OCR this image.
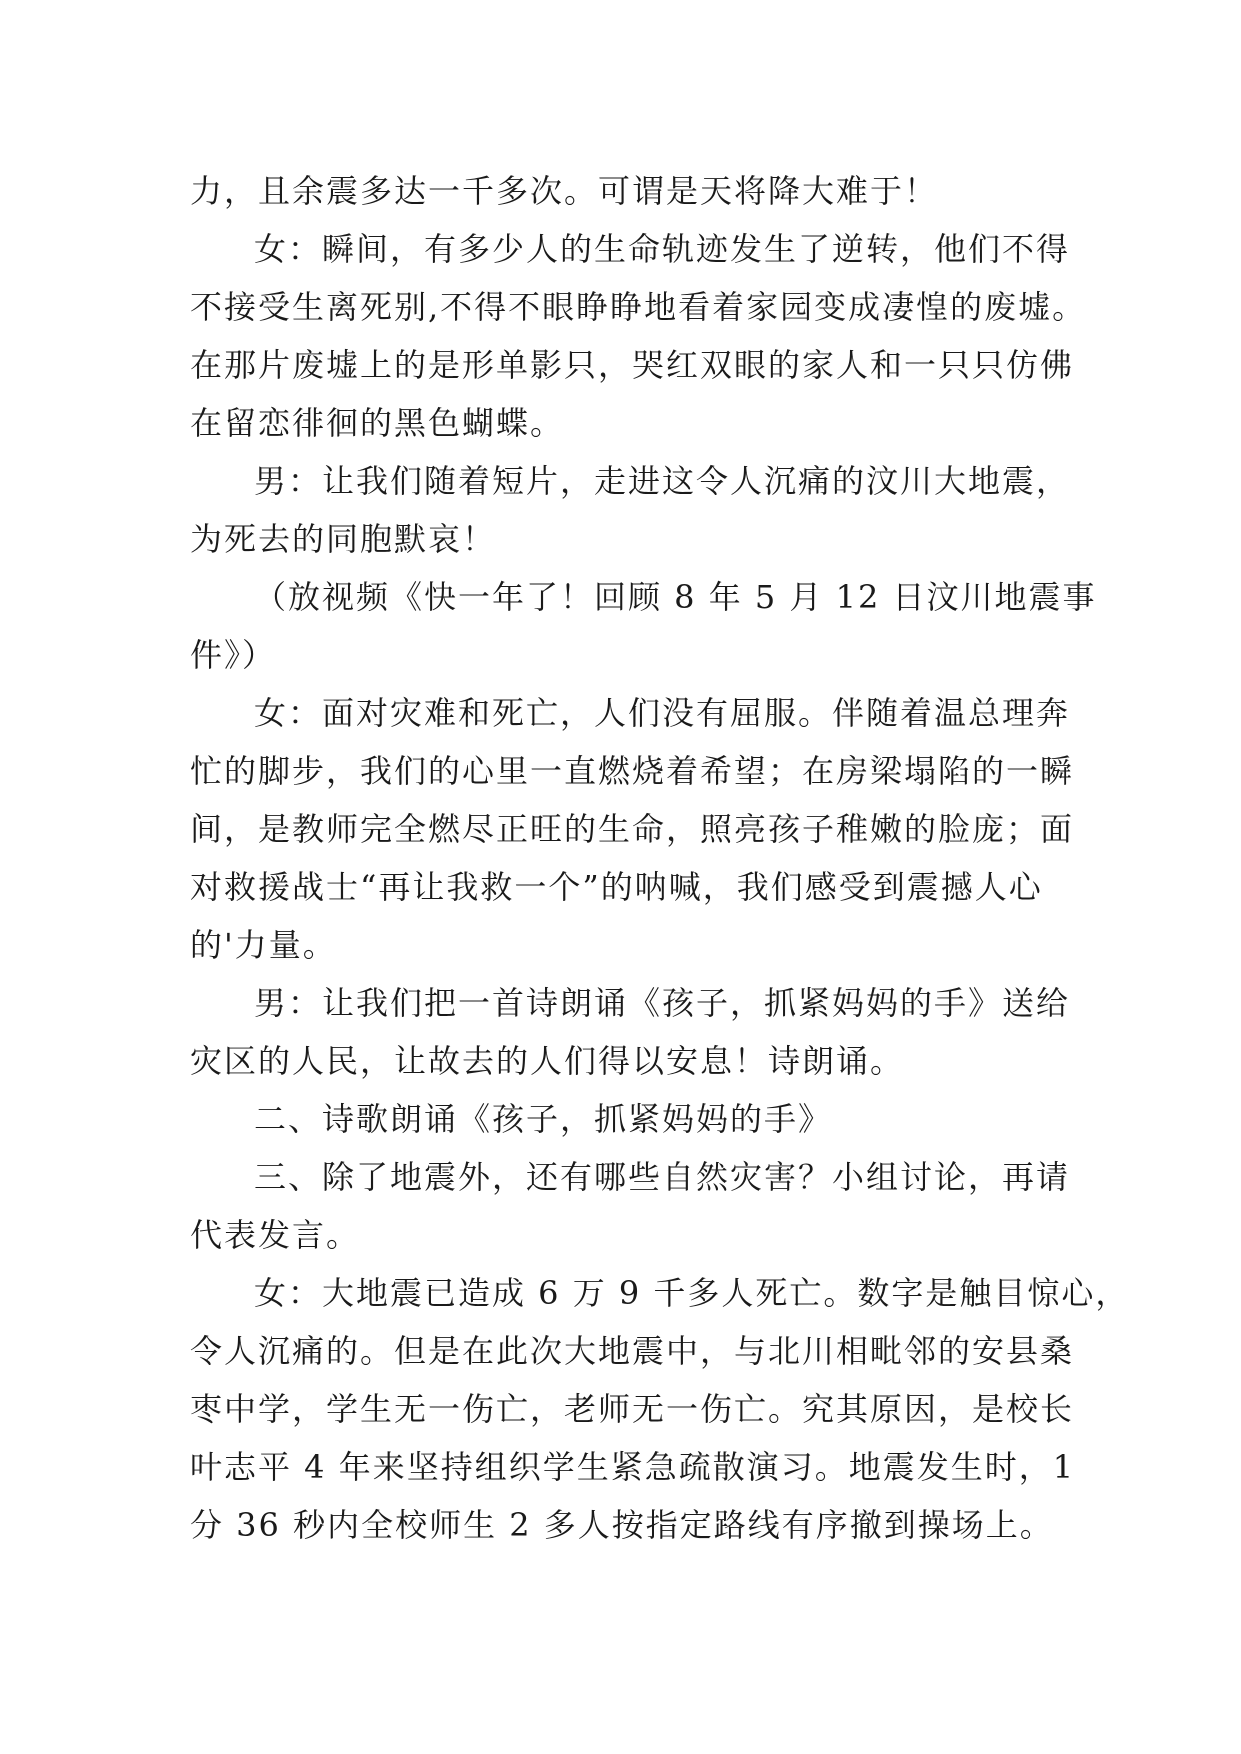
力，且余震多达一千多次。可谓是天将降大难于！

女：瞬间，有多少人的生命轨迹发生了逆转，他们不得

不接受生离死别,不得不眼睁睁地看着家园变成凄惶的废墟。

在那片废墟上的是形单影只，哭红双眼的家人和一只只仿佛

在留恋徘徊的黑色蝴蝶。

男：让我们随着短片，走进这令人沉痛的汶川大地震，

为死去的同胞默哀！

（放视频《快一年了！回顾 8 年 5 月 12 日汶川地震事

件》）

女：面对灾难和死亡，人们没有屈服。伴随着温总理奔

忙的脚步，我们的心里一直燃烧着希望；在房梁塌陷的一瞬

间，是教师完全燃尽正旺的生命，照亮孩子稚嫩的脸庞；面

对救援战士“再让我救一个”的呐喊，我们感受到震撼人心

的'力量。

男：让我们把一首诗朗诵《孩子，抓紧妈妈的手》送给

灾区的人民，让故去的人们得以安息！诗朗诵。

二、诗歌朗诵《孩子，抓紧妈妈的手》

三、除了地震外，还有哪些自然灾害？小组讨论，再请

代表发言。

女：大地震已造成 6 万 9 千多人死亡。数字是触目惊心，

令人沉痛的。但是在此次大地震中，与北川相毗邻的安县桑

枣中学，学生无一伤亡，老师无一伤亡。究其原因，是校长

叶志平 4 年来坚持组织学生紧急疏散演习。地震发生时，1

分 36 秒内全校师生 2 多人按指定路线有序撤到操场上。
